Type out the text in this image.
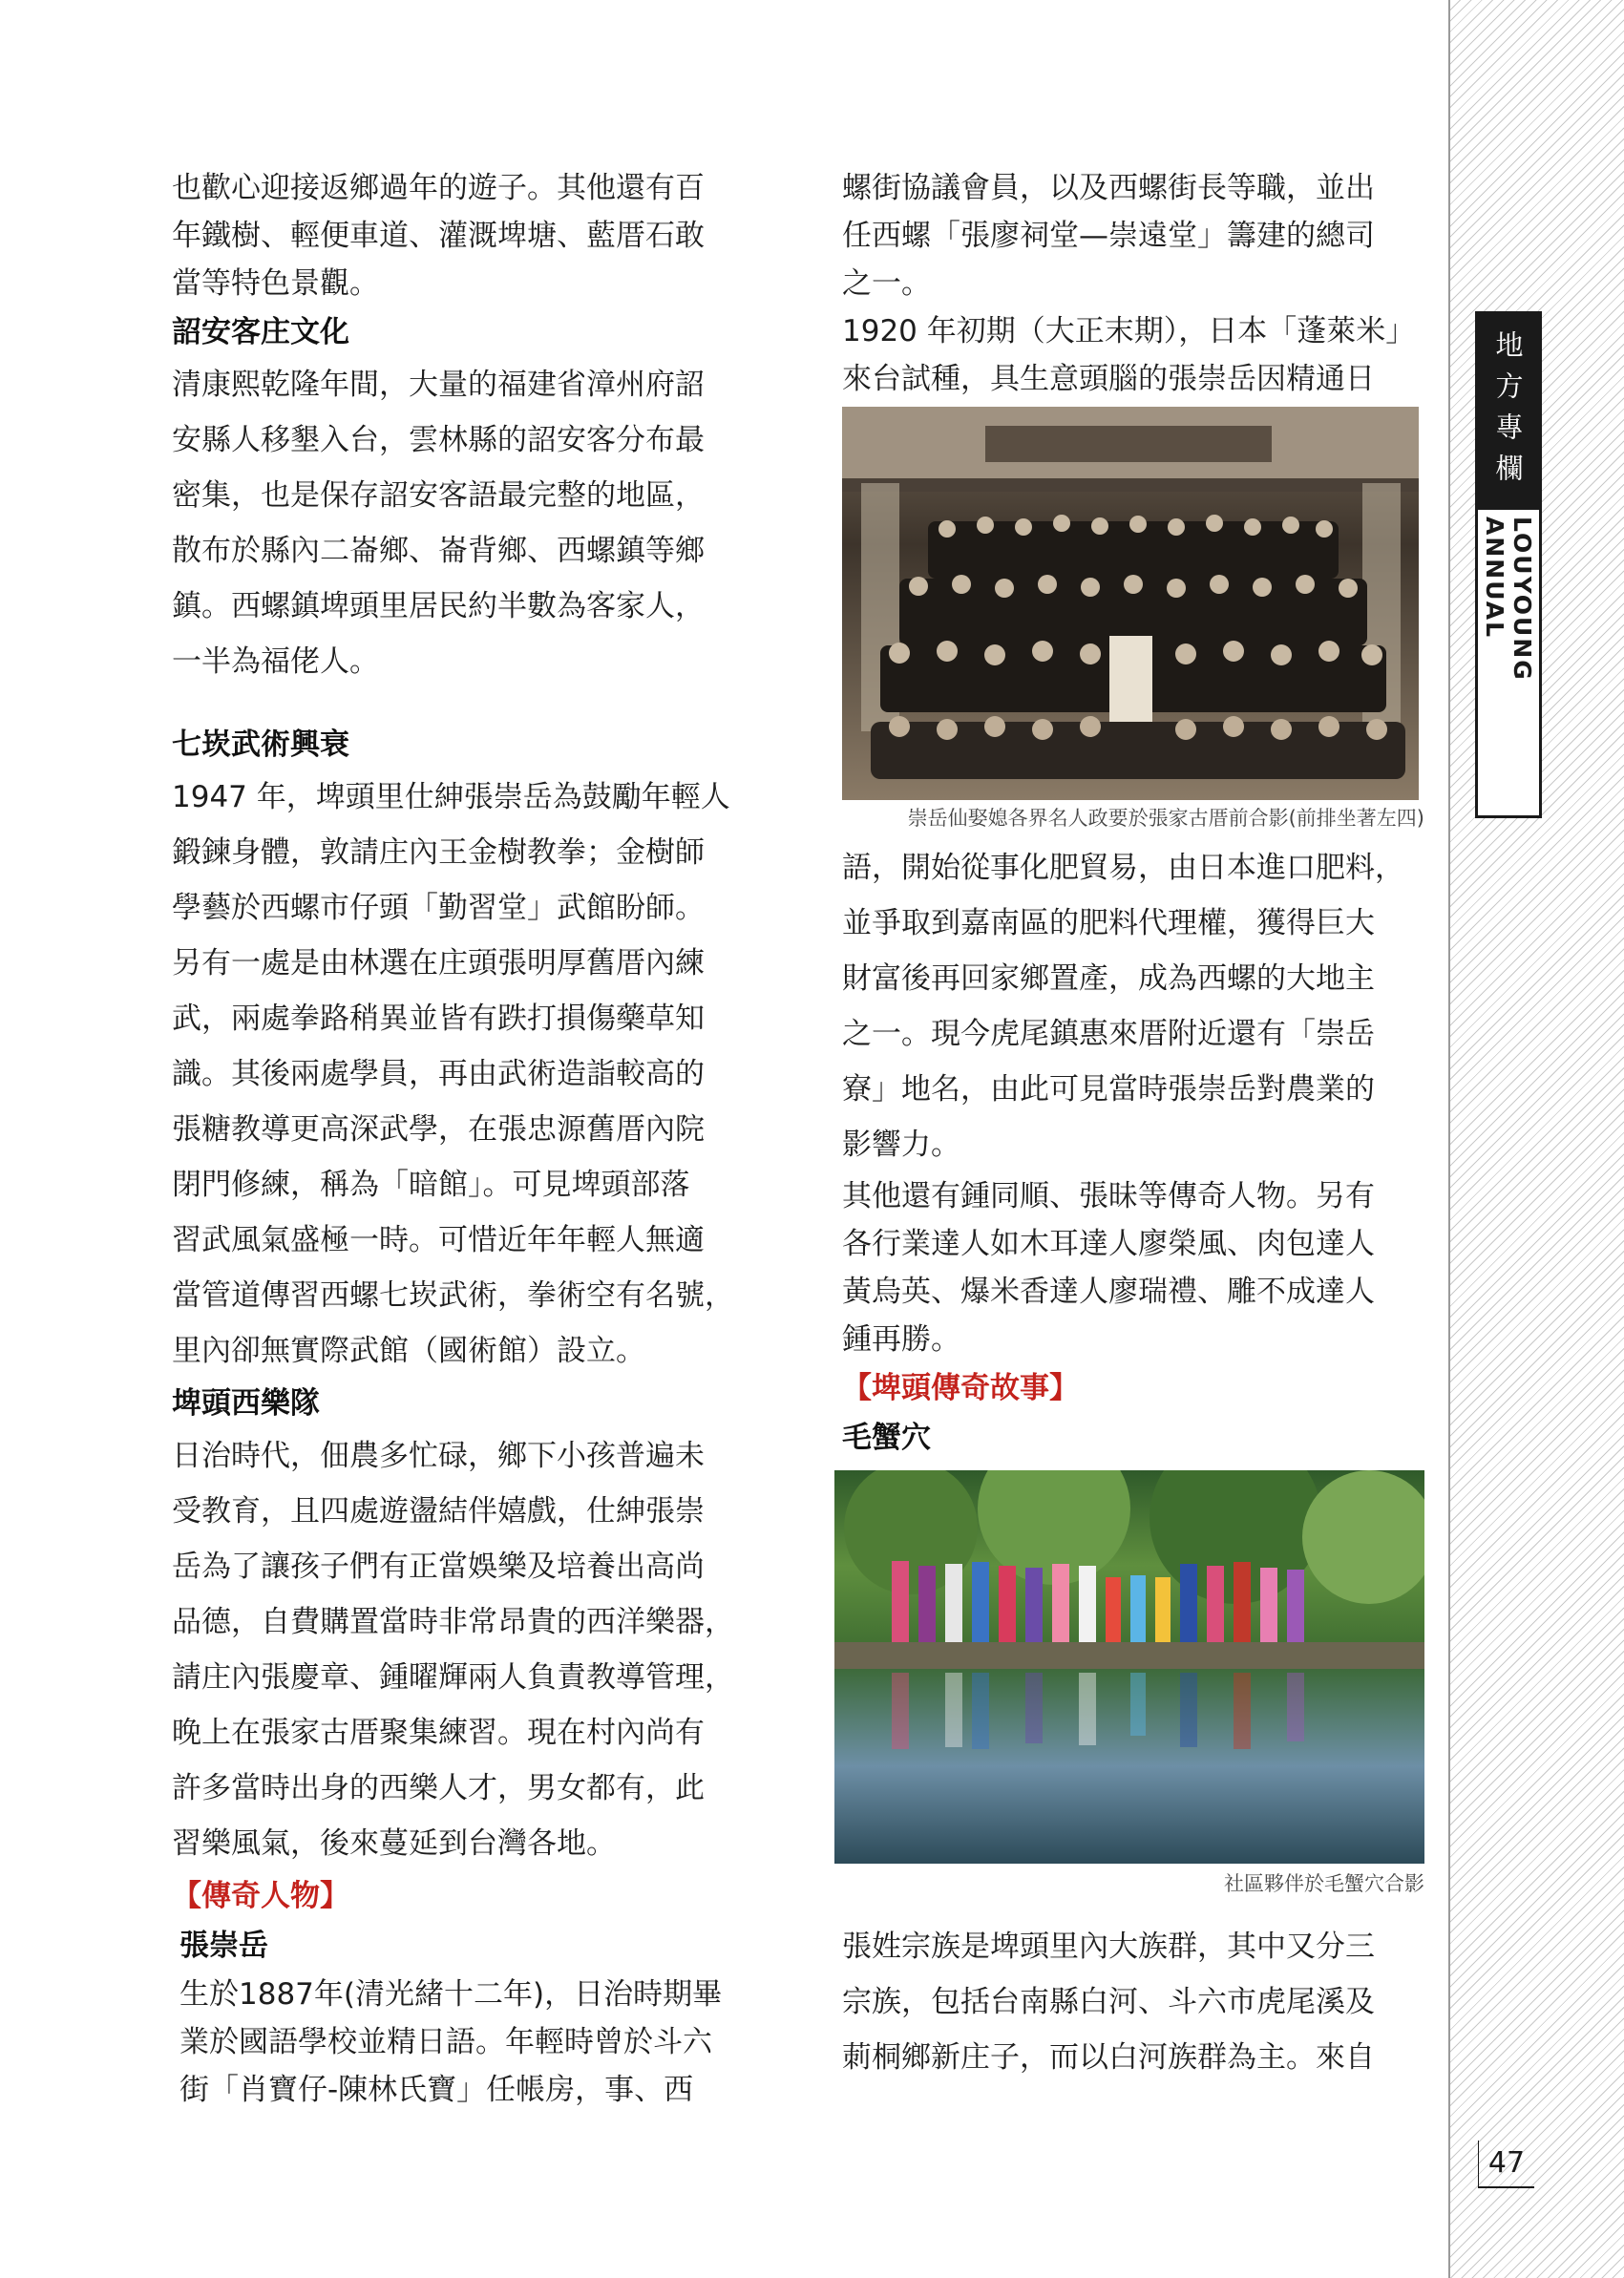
地方專欄
LOUYOUNG ANNUAL
47

也歡心迎接返鄉過年的遊子。其他還有百
年鐵樹、輕便車道、灌溉埤塘、藍厝石敢
當等特色景觀。

詔安客庄文化

清康熙乾隆年間，大量的福建省漳州府詔
安縣人移墾入台，雲林縣的詔安客分布最
密集，也是保存詔安客語最完整的地區，
散布於縣內二崙鄉、崙背鄉、西螺鎮等鄉
鎮。西螺鎮埤頭里居民約半數為客家人，
一半為福佬人。

七崁武術興衰

1947 年，埤頭里仕紳張崇岳為鼓勵年輕人
鍛鍊身體，敦請庄內王金樹教拳；金樹師
學藝於西螺市仔頭「勤習堂」武館盼師。
另有一處是由林選在庄頭張明厚舊厝內練
武，兩處拳路稍異並皆有跌打損傷藥草知
識。其後兩處學員，再由武術造詣較高的
張糖教導更高深武學，在張忠源舊厝內院
閉門修練，稱為「暗館」。可見埤頭部落
習武風氣盛極一時。可惜近年年輕人無適
當管道傳習西螺七崁武術，拳術空有名號，
里內卻無實際武館（國術館）設立。

埤頭西樂隊

日治時代，佃農多忙碌，鄉下小孩普遍未
受教育，且四處遊盪結伴嬉戲，仕紳張崇
岳為了讓孩子們有正當娛樂及培養出高尚
品德，自費購置當時非常昂貴的西洋樂器，
請庄內張慶章、鍾曜輝兩人負責教導管理，
晚上在張家古厝聚集練習。現在村內尚有
許多當時出身的西樂人才，男女都有，此
習樂風氣，後來蔓延到台灣各地。

【傳奇人物】

張崇岳

生於1887年(清光緒十二年)，日治時期畢
業於國語學校並精日語。年輕時曾於斗六
街「肖寶仔-陳林氏寶」任帳房，事、西

螺街協議會員，以及西螺街長等職，並出
任西螺「張廖祠堂—崇遠堂」籌建的總司
之一。

1920 年初期（大正末期），日本「蓬萊米」
來台試種，具生意頭腦的張崇岳因精通日

崇岳仙娶媳各界名人政要於張家古厝前合影(前排坐著左四)

語，開始從事化肥貿易，由日本進口肥料，
並爭取到嘉南區的肥料代理權，獲得巨大
財富後再回家鄉置產，成為西螺的大地主
之一。現今虎尾鎮惠來厝附近還有「崇岳
寮」地名，由此可見當時張崇岳對農業的
影響力。

其他還有鍾同順、張昧等傳奇人物。另有
各行業達人如木耳達人廖榮風、肉包達人
黃烏英、爆米香達人廖瑞禮、雕不成達人
鍾再勝。

【埤頭傳奇故事】

毛蟹穴

社區夥伴於毛蟹穴合影

張姓宗族是埤頭里內大族群，其中又分三
宗族，包括台南縣白河、斗六市虎尾溪及
莿桐鄉新庄子，而以白河族群為主。來自
